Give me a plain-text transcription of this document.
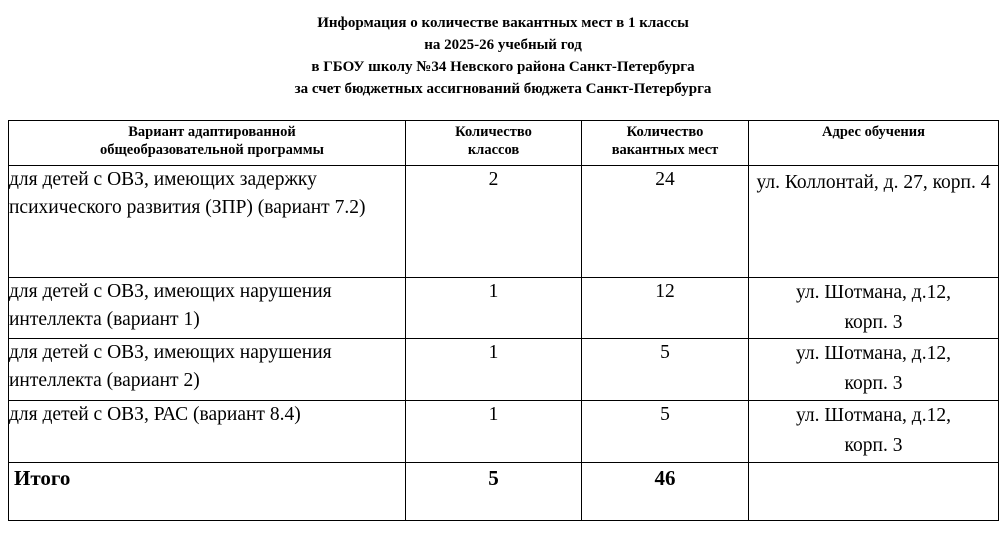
Информация о количестве вакантных мест в 1 классы
на 2025-26 учебный год
в ГБОУ школу №34 Невского района Санкт-Петербурга
за счет бюджетных ассигнований бюджета Санкт-Петербурга
Вариант адаптированной общеобразовательной программы	Количество классов	Количество вакантных мест	Адрес обучения
для детей с ОВЗ, имеющих задержку психического развития (ЗПР) (вариант 7.2)	2	24	ул. Коллонтай, д. 27, корп. 4
для детей с ОВЗ, имеющих нарушения интеллекта (вариант 1)	1	12	ул. Шотмана, д.12, корп. 3
для детей с ОВЗ, имеющих нарушения интеллекта (вариант 2)	1	5	ул. Шотмана, д.12, корп. 3
для детей с ОВЗ, РАС (вариант 8.4)	1	5	ул. Шотмана, д.12, корп. 3
Итого	5	46	
